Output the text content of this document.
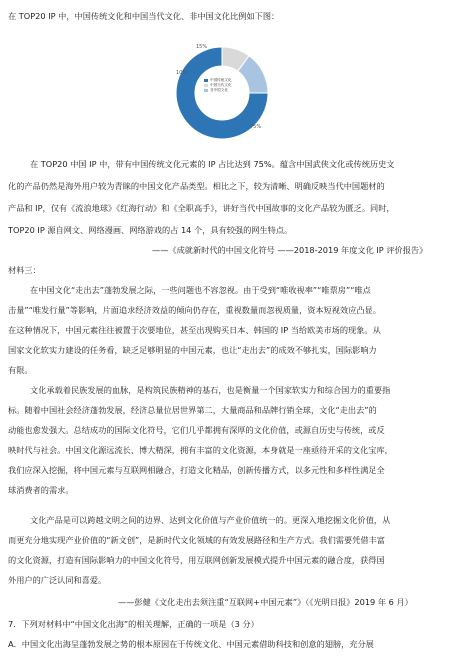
在 TOP20 IP 中，中国传统文化和中国当代文化、非中国文化比例如下图：
中国传统文化
中国当代文化
非中国文化
75%
10%
15%
在 TOP20 中国 IP 中，带有中国传统文化元素的 IP 占比达到 75%。蕴含中国武侠文化或传统历史文
化的产品仍然是海外用户较为青睐的中国文化产品类型。相比之下，较为清晰、明确反映当代中国题材的
产品和 IP，仅有《流浪地球》《红海行动》和《全职高手》，讲好当代中国故事的文化产品较为匮乏。同时，
TOP20 IP 源自网文、网络漫画、网络游戏的占 14 个，具有较强的网生特点。
——《成就新时代的中国文化符号 ——2018-2019 年度文化 IP 评价报告》
材料三：
在中国文化“走出去”蓬勃发展之际，一些问题也不容忽视。由于受到“唯收视率”“唯票房”“唯点
击量”“唯发行量”等影响，片面追求经济效益的倾向仍存在，重视数量而忽视质量，资本短视效应凸显。
在这种情况下，中国元素往往被置于次要地位，甚至出现购买日本、韩国的 IP 当给欧美市场的现象。从
国家文化软实力建设的任务看，缺乏足够明显的中国元素，也让“走出去”的成效不够扎实，国际影响力
有限。
文化承载着民族发展的血脉，是构筑民族精神的基石，也是衡量一个国家软实力和综合国力的重要指
标。随着中国社会经济蓬勃发展，经济总量位居世界第二，大量商品和品牌行销全球，文化“走出去”的
动能也愈发强大。总结成功的国际文化符号，它们几乎都拥有深厚的文化价值，或源自历史与传统，或反
映时代与社会。中国文化源远流长、博大精深，拥有丰富的文化资源，本身就是一座亟待开采的文化宝库，
我们应深入挖掘，将中国元素与互联网相融合，打造文化精品，创新传播方式，以多元性和多样性满足全
球消费者的需求。
文化产品是可以跨越文明之间的边界、达到文化价值与产业价值统一的。更深入地挖掘文化价值，从
而更充分地实现产业价值的“新文创”，是新时代文化领域的有效发展路径和生产方式。我们需要凭借丰富
的文化资源，打造有国际影响力的中国文化符号，用互联网创新发展模式提升中国元素的融合度，获得国
外用户的广泛认同和喜爱。
——彭健《文化走出去须注重“互联网+中国元素”》（《光明日报》2019 年 6 月）
7．下列对材料中“中国文化出海”的相关理解，正确的一项是（3 分）
A．中国文化出海呈蓬勃发展之势的根本原因在于传统文化、中国元素借助科技和创意的翅膀，充分展
